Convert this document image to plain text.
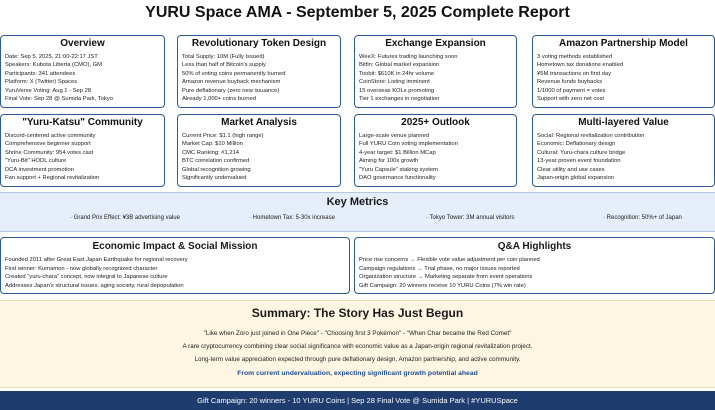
YURU Space AMA - September 5, 2025 Complete Report
Overview
Date: Sep 5, 2025, 21:00-22:17 JST
Speakers: Kubota Liberta (CMO), GM
Participants: 341 attendees
Platform: X (Twitter) Spaces
YuruVerse Voting: Aug 1 - Sep 28
Final Vote: Sep 28 @ Sumida Park, Tokyo
Revolutionary Token Design
Total Supply: 10M (Fully Issued)
Less than half of Bitcoin's supply
50% of voting coins permanently burned
Amazon revenue buyback mechanism
Pure deflationary (zero new issuance)
Already 1,000+ coins burned
Exchange Expansion
WeeX: Futures trading launching soon
Bitfin: Global market expansion
Toobit: $610K in 24hr volume
CoinStore: Listing imminent
15 overseas KOLs promoting
Tier 1 exchanges in negotiation
Amazon Partnership Model
3 voting methods established
Hometown tax donations enabled
¥5M transactions on first day
Revenue funds buybacks
1/1000 of payment = votes
Support with zero net cost
"Yuru-Katsu" Community
Discord-centered active community
Comprehensive beginner support
Shrine Community: 954 votes cast
"Yuru-Bit" HODL culture
DCA investment promotion
Fan support + Regional revitalization
Market Analysis
Current Price: $1.1 (high range)
Market Cap: $10 Million
CMC Ranking: #1,214
BTC correlation confirmed
Global recognition growing
Significantly undervalued
2025+ Outlook
Large-scale venue planned
Full YURU Coin voting implementation
4-year target: $1 Billion MCap
Aiming for 100x growth
"Yuru Capsule" staking system
DAO governance functionality
Multi-layered Value
Social: Regional revitalization contribution
Economic: Deflationary design
Cultural: Yuru-chara culture bridge
13-year proven event foundation
Clear utility and use cases
Japan-origin global expansion
Key Metrics
· Grand Prix Effect: ¥3B advertising value	· Hometown Tax: 5-30x increase	· Tokyo Tower: 3M annual visitors	· Recognition: 50%+ of Japan
Economic Impact & Social Mission
Founded 2011 after Great East Japan Earthquake for regional recovery
First winner: Kumamon - now globally recognized character
Created "yuru-chara" concept, now integral to Japanese culture
Addresses Japan's structural issues: aging society, rural depopulation
Q&A Highlights
Price rise concerns → Flexible vote value adjustment per coin planned
Campaign regulations → Trial phase, no major issues reported
Organization structure → Marketing separate from event operations
Gift Campaign: 20 winners receive 10 YURU Coins (7% win rate)
Summary: The Story Has Just Begun

"Like when Zoro just joined in One Piece" - "Choosing first 3 Pokémon" - "When Char became the Red Comet"

A rare cryptocurrency combining clear social significance with economic value as a Japan-origin regional revitalization project.

Long-term value appreciation expected through pure deflationary design, Amazon partnership, and active community.

From current undervaluation, expecting significant growth potential ahead

Gift Campaign: 20 winners - 10 YURU Coins | Sep 28 Final Vote @ Sumida Park | #YURUSpace
